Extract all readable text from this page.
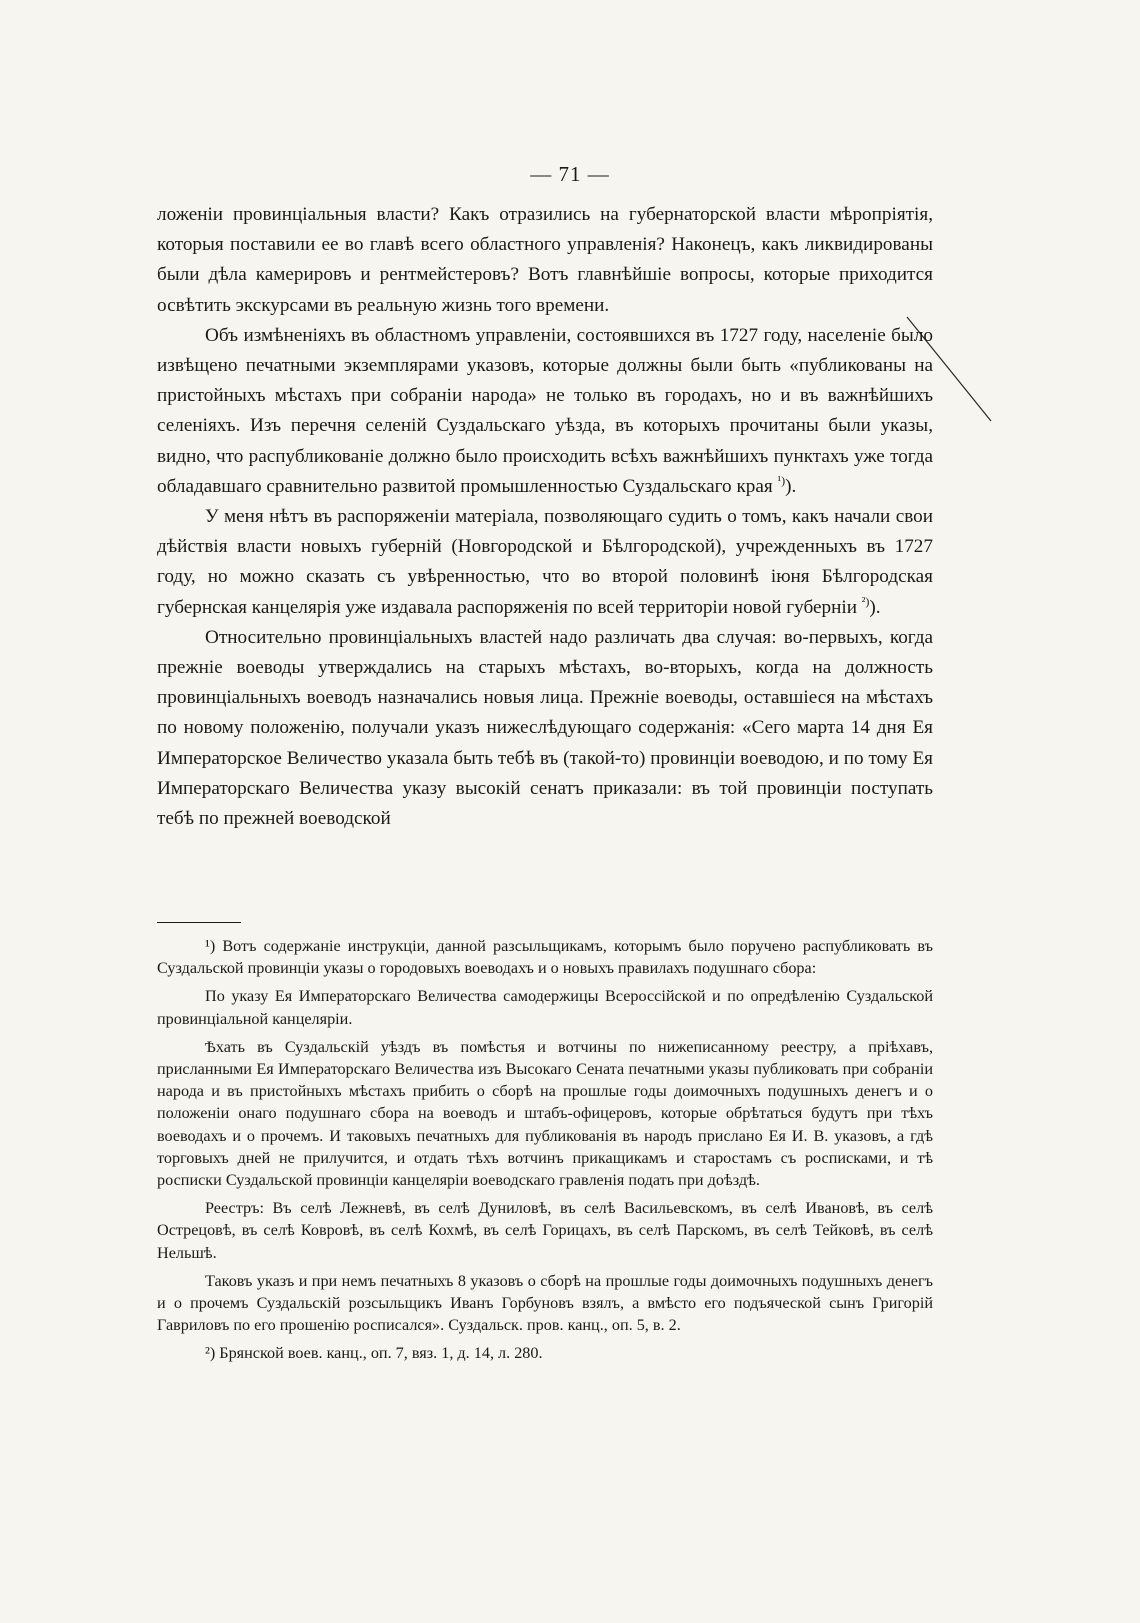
— 71 —

ложеніи провинціальныя власти? Какъ отразились на губернаторской власти мѣропріятія, которыя поставили ее во главѣ всего областного управленія? Наконецъ, какъ ликвидированы были дѣла камерировъ и рентмейстеровъ? Вотъ главнѣйшіе вопросы, которые приходится освѣтить экскурсами въ реальную жизнь того времени.

Объ измѣненіяхъ въ областномъ управленіи, состоявшихся въ 1727 году, населеніе было извѣщено печатными экземплярами указовъ, которые должны были быть «публикованы на пристойныхъ мѣстахъ при собраніи народа» не только въ городахъ, но и въ важнѣйшихъ селеніяхъ. Изъ перечня селеній Суздальскаго уѣзда, въ которыхъ прочитаны были указы, видно, что распубликованіе должно было происходить всѣхъ важнѣйшихъ пунктахъ уже тогда обладавшаго сравнительно развитой промышленностью Суздальскаго края $^{^1)}$).

У меня нѣтъ въ распоряженіи матеріала, позволяющаго судить о томъ, какъ начали свои дѣйствія власти новыхъ губерній (Новгородской и Бѣлгородской), учрежденныхъ въ 1727 году, но можно сказать съ увѣренностью, что во второй половинѣ іюня Бѣлгородская губернская канцелярія уже издавала распоряженія по всей территоріи новой губерніи $^{^2)}$).

Относительно провинціальныхъ властей надо различать два случая: во-первыхъ, когда прежніе воеводы утверждались на старыхъ мѣстахъ, во-вторыхъ, когда на должность провинціальныхъ воеводъ назначались новыя лица. Прежніе воеводы, оставшіеся на мѣстахъ по новому положенію, получали указъ нижеслѣдующаго содержанія: «Сего марта 14 дня Ея Императорское Величество указала быть тебѣ въ (такой-то) провинціи воеводою, и по тому Ея Императорскаго Величества указу высокій сенатъ приказали: въ той провинціи поступать тебѣ по прежней воеводской

¹) Вотъ содержаніе инструкціи, данной разсыльщикамъ, которымъ было поручено распубликовать въ Суздальской провинціи указы о городовыхъ воеводахъ и о новыхъ правилахъ подушнаго сбора:

По указу Ея Императорскаго Величества самодержицы Всероссійской и по опредѣленію Суздальской провинціальной канцеляріи.

Ѣхать въ Суздальскій уѣздъ въ помѣстья и вотчины по нижеписанному реестру, а пріѣхавъ, присланными Ея Императорскаго Величества изъ Высокаго Сената печатными указы публиковать при собраніи народа и въ пристойныхъ мѣстахъ прибить о сборѣ на прошлые годы доимочныхъ подушныхъ денегъ и о положеніи онаго подушнаго сбора на воеводъ и штабъ-офицеровъ, которые обрѣтаться будутъ при тѣхъ воеводахъ и о прочемъ. И таковыхъ печатныхъ для публикованія въ народъ прислано Ея И. В. указовъ, а гдѣ торговыхъ дней не прилучится, и отдать тѣхъ вотчинъ прикащикамъ и старостамъ съ росписками, и тѣ росписки Суздальской провинціи канцеляріи воеводскаго гравленія подать при доѣздѣ.

Реестръ: Въ селѣ Лежневѣ, въ селѣ Дуниловѣ, въ селѣ Васильевскомъ, въ селѣ Ивановѣ, въ селѣ Острецовѣ, въ селѣ Ковровѣ, въ селѣ Кохмѣ, въ селѣ Горицахъ, въ селѣ Парскомъ, въ селѣ Тейковѣ, въ селѣ Нельшѣ.

Таковъ указъ и при немъ печатныхъ 8 указовъ о сборѣ на прошлые годы доимочныхъ подушныхъ денегъ и о прочемъ Суздальскій розсыльщикъ Иванъ Горбуновъ взялъ, а вмѣсто его подъяческой сынъ Григорій Гавриловъ по его прошенію росписался». Суздальск. пров. канц., оп. 5, в. 2.

²) Брянской воев. канц., оп. 7, вяз. 1, д. 14, л. 280.
